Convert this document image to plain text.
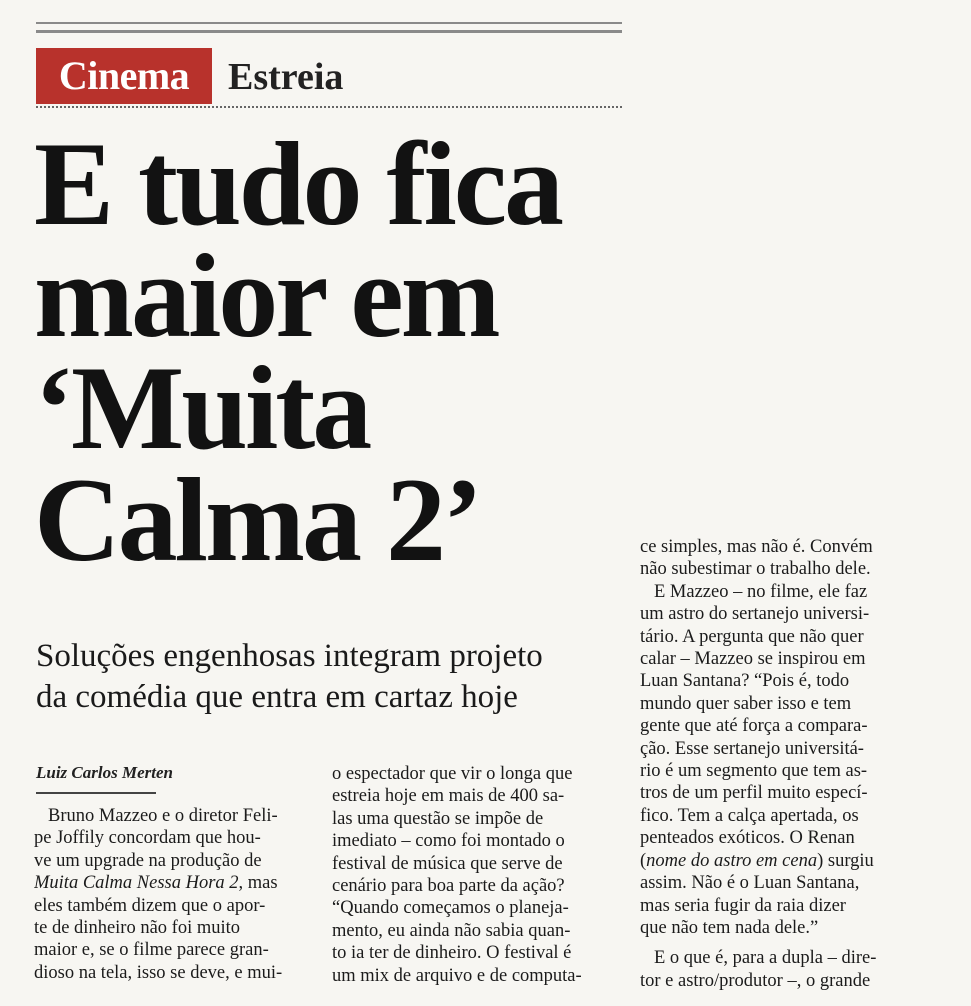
Cinema	Estreia
E tudo fica
maior em
‘Muita
Calma 2’
Soluções engenhosas integram projeto
da comédia que entra em cartaz hoje
Luiz Carlos Merten
Bruno Mazzeo e o diretor Feli-
pe Joffily concordam que hou-
ve um upgrade na produção de
Muita Calma Nessa Hora 2, mas
eles também dizem que o apor-
te de dinheiro não foi muito
maior e, se o filme parece gran-
dioso na tela, isso se deve, e mui-
o espectador que vir o longa que
estreia hoje em mais de 400 sa-
las uma questão se impõe de
imediato – como foi montado o
festival de música que serve de
cenário para boa parte da ação?
“Quando começamos o planeja-
mento, eu ainda não sabia quan-
to ia ter de dinheiro. O festival é
um mix de arquivo e de computa-
ce simples, mas não é. Convém
não subestimar o trabalho dele.
E Mazzeo – no filme, ele faz
um astro do sertanejo universi-
tário. A pergunta que não quer
calar – Mazzeo se inspirou em
Luan Santana? “Pois é, todo
mundo quer saber isso e tem
gente que até força a compara-
ção. Esse sertanejo universitá-
rio é um segmento que tem as-
tros de um perfil muito especí-
fico. Tem a calça apertada, os
penteados exóticos. O Renan
(nome do astro em cena) surgiu
assim. Não é o Luan Santana,
mas seria fugir da raia dizer
que não tem nada dele.”
E o que é, para a dupla – dire-
tor e astro/produtor –, o grande
